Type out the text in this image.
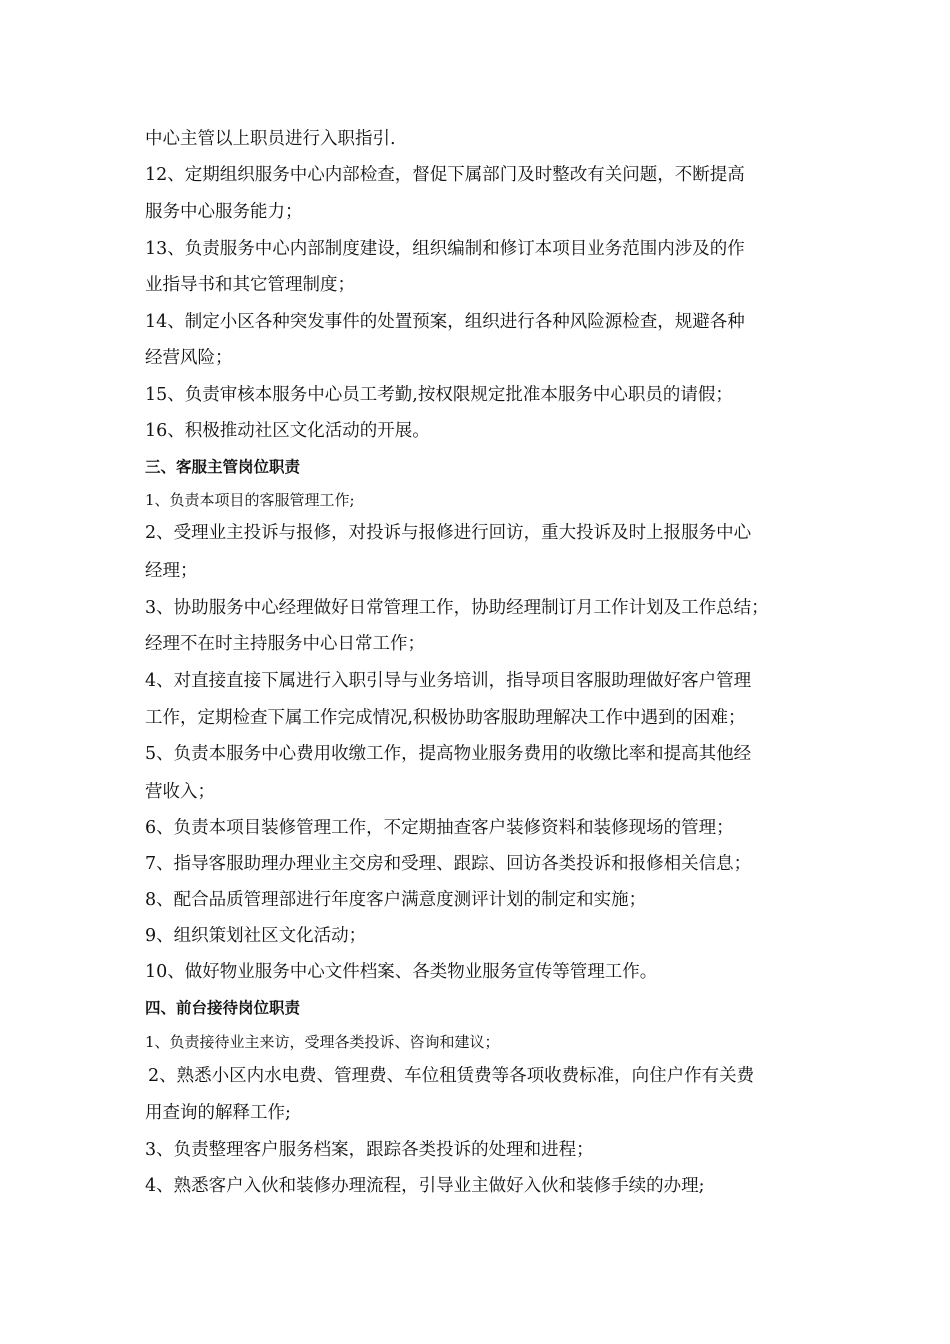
中心主管以上职员进行入职指引.
12、定期组织服务中心内部检查，督促下属部门及时整改有关问题，不断提高
服务中心服务能力；
13、负责服务中心内部制度建设，组织编制和修订本项目业务范围内涉及的作
业指导书和其它管理制度；
14、制定小区各种突发事件的处置预案，组织进行各种风险源检查，规避各种
经营风险；
15、负责审核本服务中心员工考勤,按权限规定批准本服务中心职员的请假；
16、积极推动社区文化活动的开展。
三、客服主管岗位职责
1、负责本项目的客服管理工作;
2、受理业主投诉与报修，对投诉与报修进行回访，重大投诉及时上报服务中心
经理；
3、协助服务中心经理做好日常管理工作，协助经理制订月工作计划及工作总结；
经理不在时主持服务中心日常工作；
4、对直接直接下属进行入职引导与业务培训，指导项目客服助理做好客户管理
工作，定期检查下属工作完成情况,积极协助客服助理解决工作中遇到的困难；
5、负责本服务中心费用收缴工作，提高物业服务费用的收缴比率和提高其他经
营收入；
6、负责本项目装修管理工作，不定期抽查客户装修资料和装修现场的管理；
7、指导客服助理办理业主交房和受理、跟踪、回访各类投诉和报修相关信息；
8、配合品质管理部进行年度客户满意度测评计划的制定和实施；
9、组织策划社区文化活动；
10、做好物业服务中心文件档案、各类物业服务宣传等管理工作。
四、前台接待岗位职责
1、负责接待业主来访，受理各类投诉、咨询和建议；
2、熟悉小区内水电费、管理费、车位租赁费等各项收费标准，向住户作有关费
用查询的解释工作;
3、负责整理客户服务档案，跟踪各类投诉的处理和进程；
4、熟悉客户入伙和装修办理流程，引导业主做好入伙和装修手续的办理;
